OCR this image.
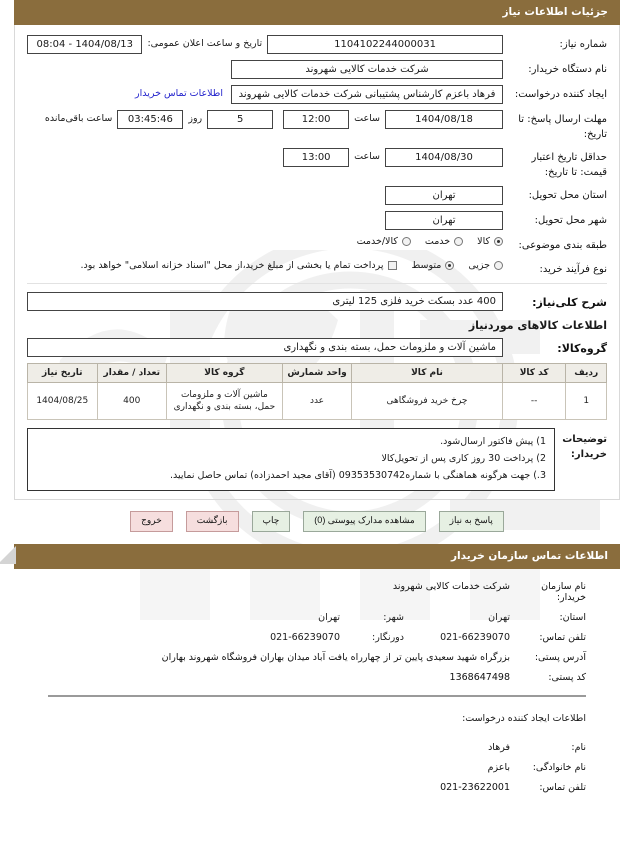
جزئیات اطلاعات نیاز
شماره نیاز:
1104102244000031
تاریخ و ساعت اعلان عمومی:
1404/08/13 - 08:04
نام دستگاه خریدار:
شرکت خدمات کالایی شهروند
ایجاد کننده درخواست:
فرهاد باعزم کارشناس پشتیبانی شرکت خدمات کالایی شهروند
اطلاعات تماس خریدار
مهلت ارسال پاسخ: تا تاریخ:
1404/08/18
ساعت
12:00
5
روز
03:45:46
ساعت باقی‌مانده
حداقل تاریخ اعتبار قیمت: تا تاریخ:
1404/08/30
ساعت
13:00
استان محل تحویل:
تهران
شهر محل تحویل:
تهران
طبقه بندی موضوعی:
کالا
خدمت
کالا/خدمت
نوع فرآیند خرید:
جزیی
متوسط
پرداخت تمام یا بخشی از مبلغ خرید،از محل "اسناد خزانه اسلامی" خواهد بود.
شرح کلی‌نیاز:
400 عدد بسکت خرید فلزی 125 لیتری
اطلاعات کالاهای موردنیاز
گروه‌کالا:
ماشین آلات و ملزومات حمل، بسته بندی و نگهداری
ردیف	کد کالا	نام کالا	واحد شمارش	گروه کالا	تعداد / مقدار	تاریخ نیاز
1	--	چرخ خرید فروشگاهی	عدد	ماشین آلات و ملزومات حمل، بسته بندی و نگهداری	400	1404/08/25
توضیحات خریدار:
1) پیش فاکتور ارسال‌شود.
2) پرداخت 30 روز کاری پس از تحویل‌کالا
3.) جهت هرگونه هماهنگی با شماره09353530742 (آقای مجید احمدزاده) تماس حاصل نمایید.
پاسخ به نیاز
مشاهده مدارک پیوستی (0)
چاپ
بازگشت
خروج
اطلاعات تماس سازمان خریدار
نام سازمان خریدار:
شرکت خدمات کالایی شهروند
استان:
تهران
شهر:
تهران
تلفن تماس:
021-66239070
دورنگار:
021-66239070
آدرس پستی:
بزرگراه شهید سعیدی پایین تر از چهارراه یافت آباد میدان بهاران فروشگاه شهروند بهاران
کد پستی:
1368647498
اطلاعات ایجاد کننده درخواست:
نام:
فرهاد
نام خانوادگی:
باعزم
تلفن تماس:
021-23622001
